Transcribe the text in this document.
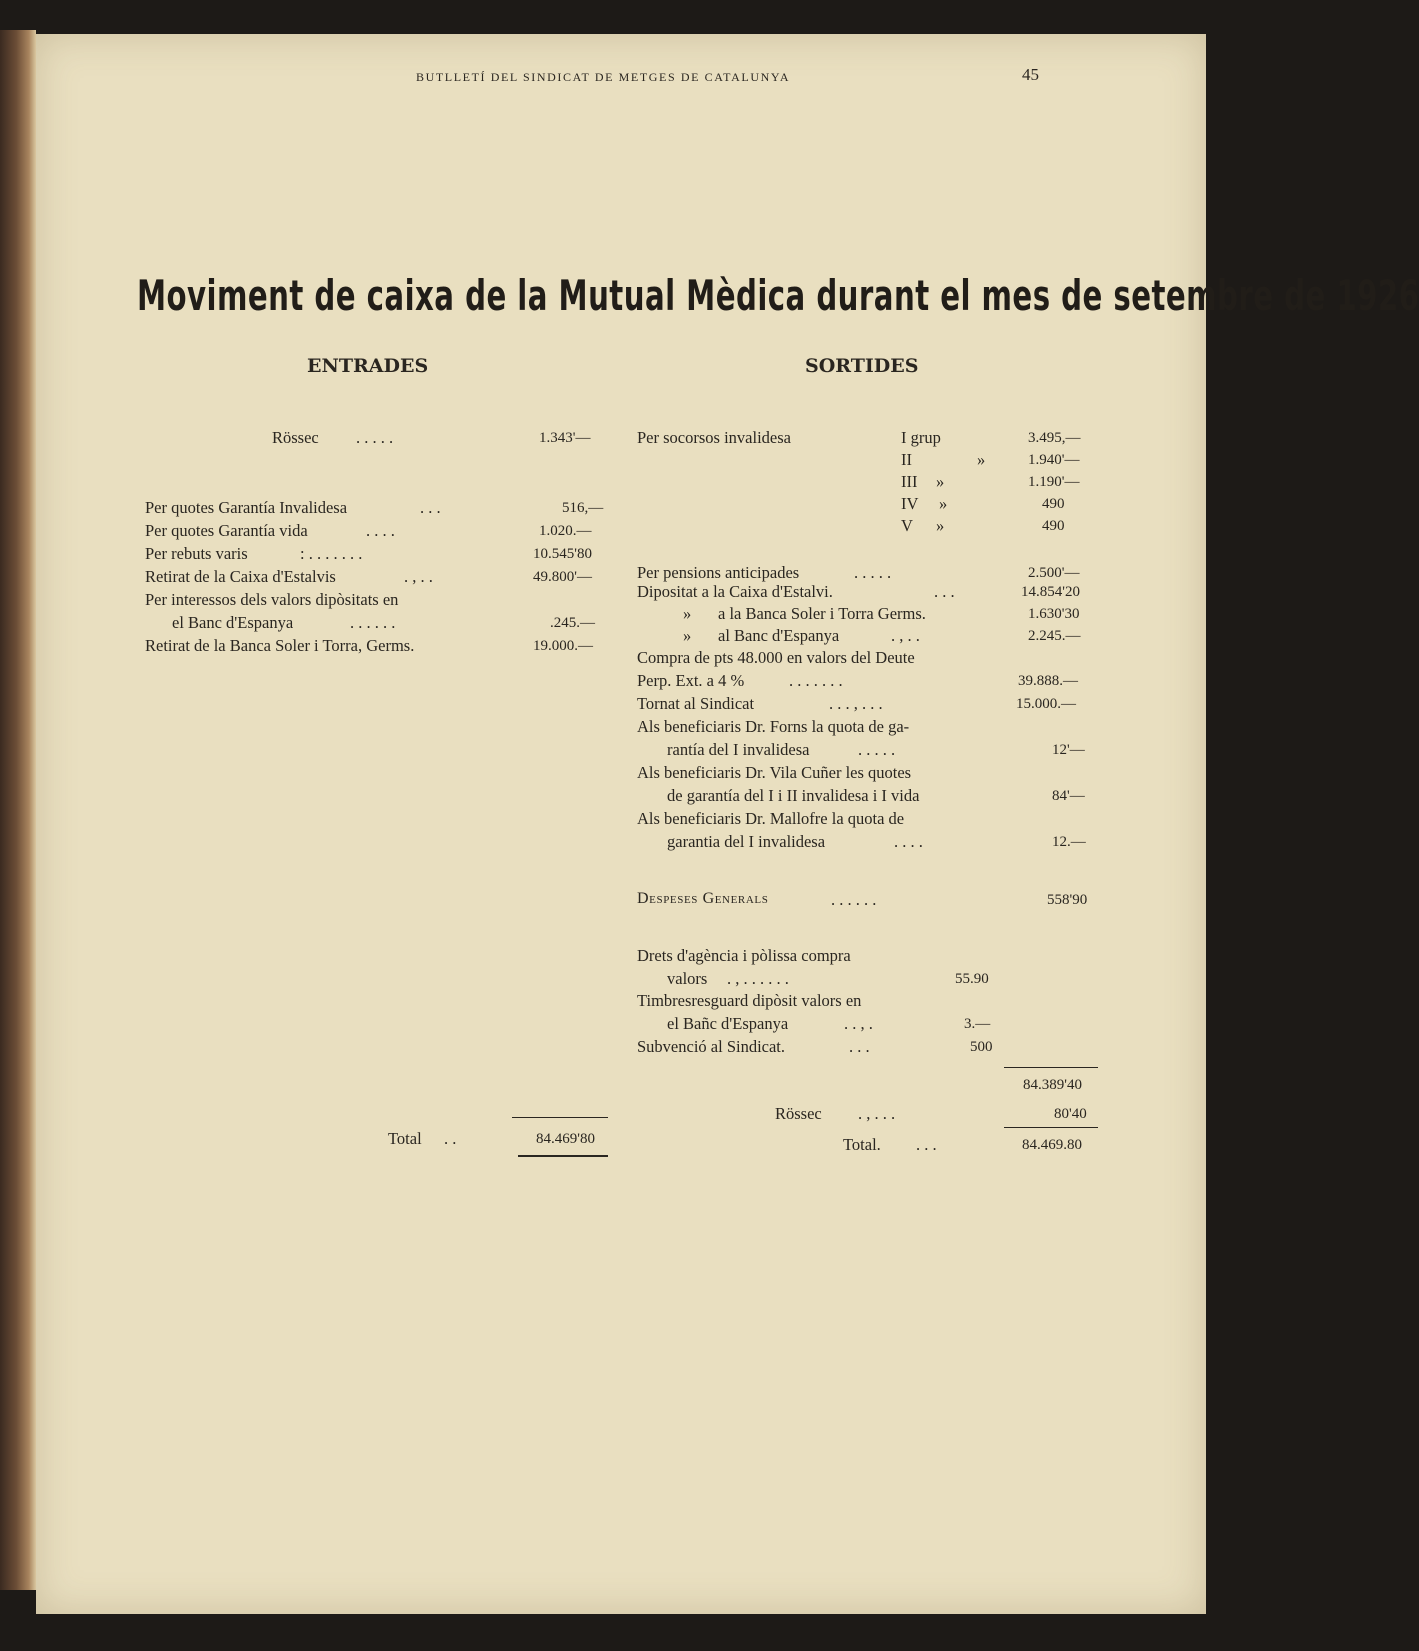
BUTLLETÍ DEL SINDICAT DE METGES DE CATALUNYA	45
Moviment de caixa de la Mutual Mèdica durant el mes de setembre de 1926
ENTRADES
Rössec . . . . .	1.343'—
Per quotes Garantía Invalidesa	. . .	516,—
Per quotes Garantía vida	. . . .	1.020.—
Per rebuts varis	: . . . . . . .	10.545'80
Retirat de la Caixa d'Estalvis	. , . .	49.800'—
Per interessos dels valors dipòsitats en
el Banc d'Espanya	. . . . . .	.245.—
Retirat de la Banca Soler i Torra, Germs.	19.000.—
Total . .	84.469'80
SORTIDES
Per socorsos invalidesa	I grup	3.495,—
II	»	1.940'—
III »	1.190'—
IV »	490
V »	490
Per pensions anticipades	. . . . .	2.500'—
Dipositat a la Caixa d'Estalvi.	. . .	14.854'20
» a la Banca Soler i Torra Germs.	1.630'30
» al Banc d'Espanya	. , . .	2.245.—
Compra de pts 48.000 en valors del Deute
Perp. Ext. a 4 %	. . . . . . .	39.888.—
Tornat al Sindicat	. . . , . . .	15.000.—
Als beneficiaris Dr. Forns la quota de ga-
rantía del I invalidesa	. . . . .	12'—
Als beneficiaris Dr. Vila Cuñer les quotes
de garantía del I i II invalidesa i I vida	84'—
Als beneficiaris Dr. Mallofre la quota de
garantia del I invalidesa	. . . .	12.—
Despeses Generals	. . . . . .	558'90
Drets d'agència i pòlissa compra
valors . , . . . . . .	55.90
Timbresresguard dipòsit valors en
el Bañc d'Espanya	. . , .	3.—
Subvenció al Sindicat.	. . .	500
84.389'40
Rössec . , . . .	80'40
Total. . . .	84.469.80
